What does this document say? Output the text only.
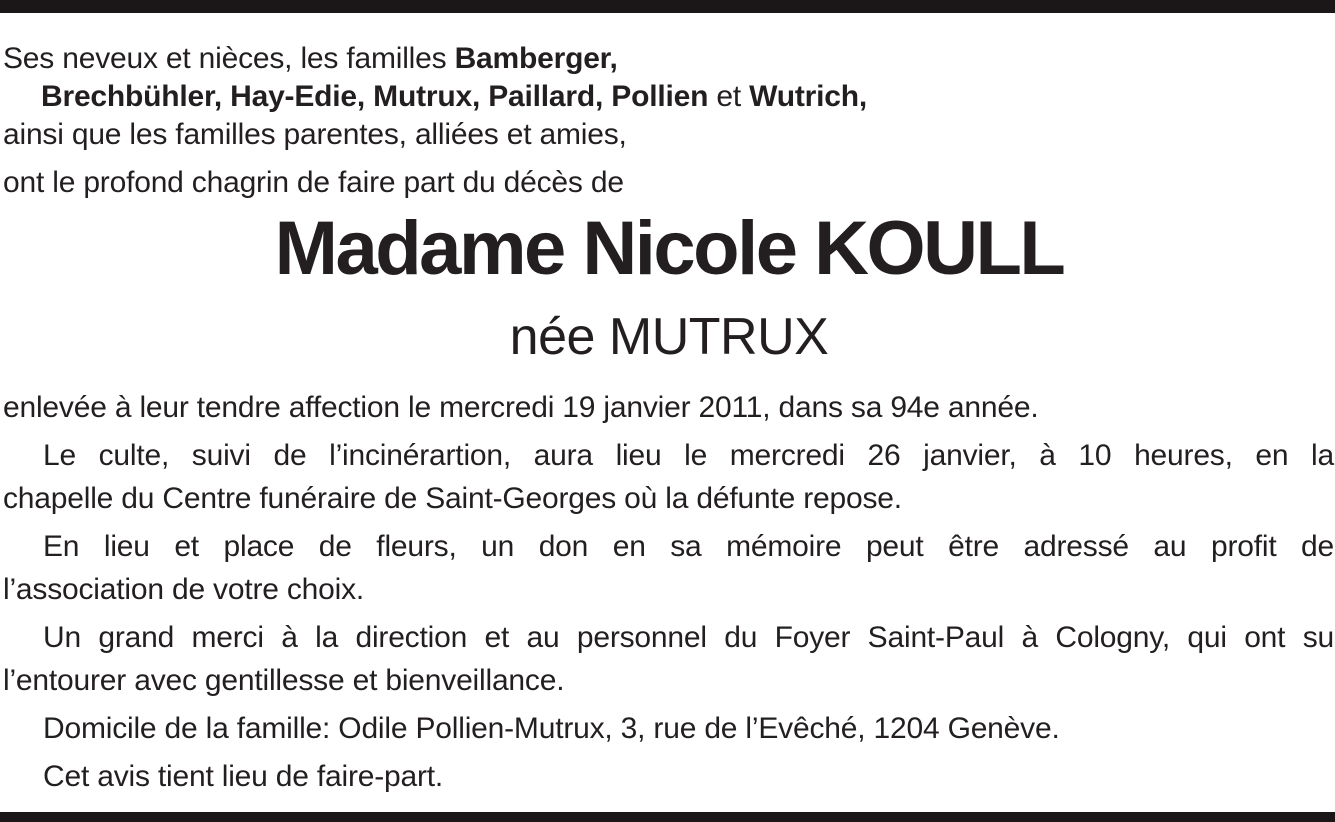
Ses neveux et nièces, les familles Bamberger,
Brechbühler, Hay-Edie, Mutrux, Paillard, Pollien et Wutrich,
ainsi que les familles parentes, alliées et amies,
ont le profond chagrin de faire part du décès de
Madame Nicole KOULL
née MUTRUX
enlevée à leur tendre affection le mercredi 19 janvier 2011, dans sa 94e année.
Le culte, suivi de l’incinérartion, aura lieu le mercredi 26 janvier, à 10 heures, en la
chapelle du Centre funéraire de Saint-Georges où la défunte repose.
En lieu et place de fleurs, un don en sa mémoire peut être adressé au profit de
l’association de votre choix.
Un grand merci à la direction et au personnel du Foyer Saint-Paul à Cologny, qui ont su
l’entourer avec gentillesse et bienveillance.
Domicile de la famille: Odile Pollien-Mutrux, 3, rue de l’Evêché, 1204 Genève.
Cet avis tient lieu de faire-part.
